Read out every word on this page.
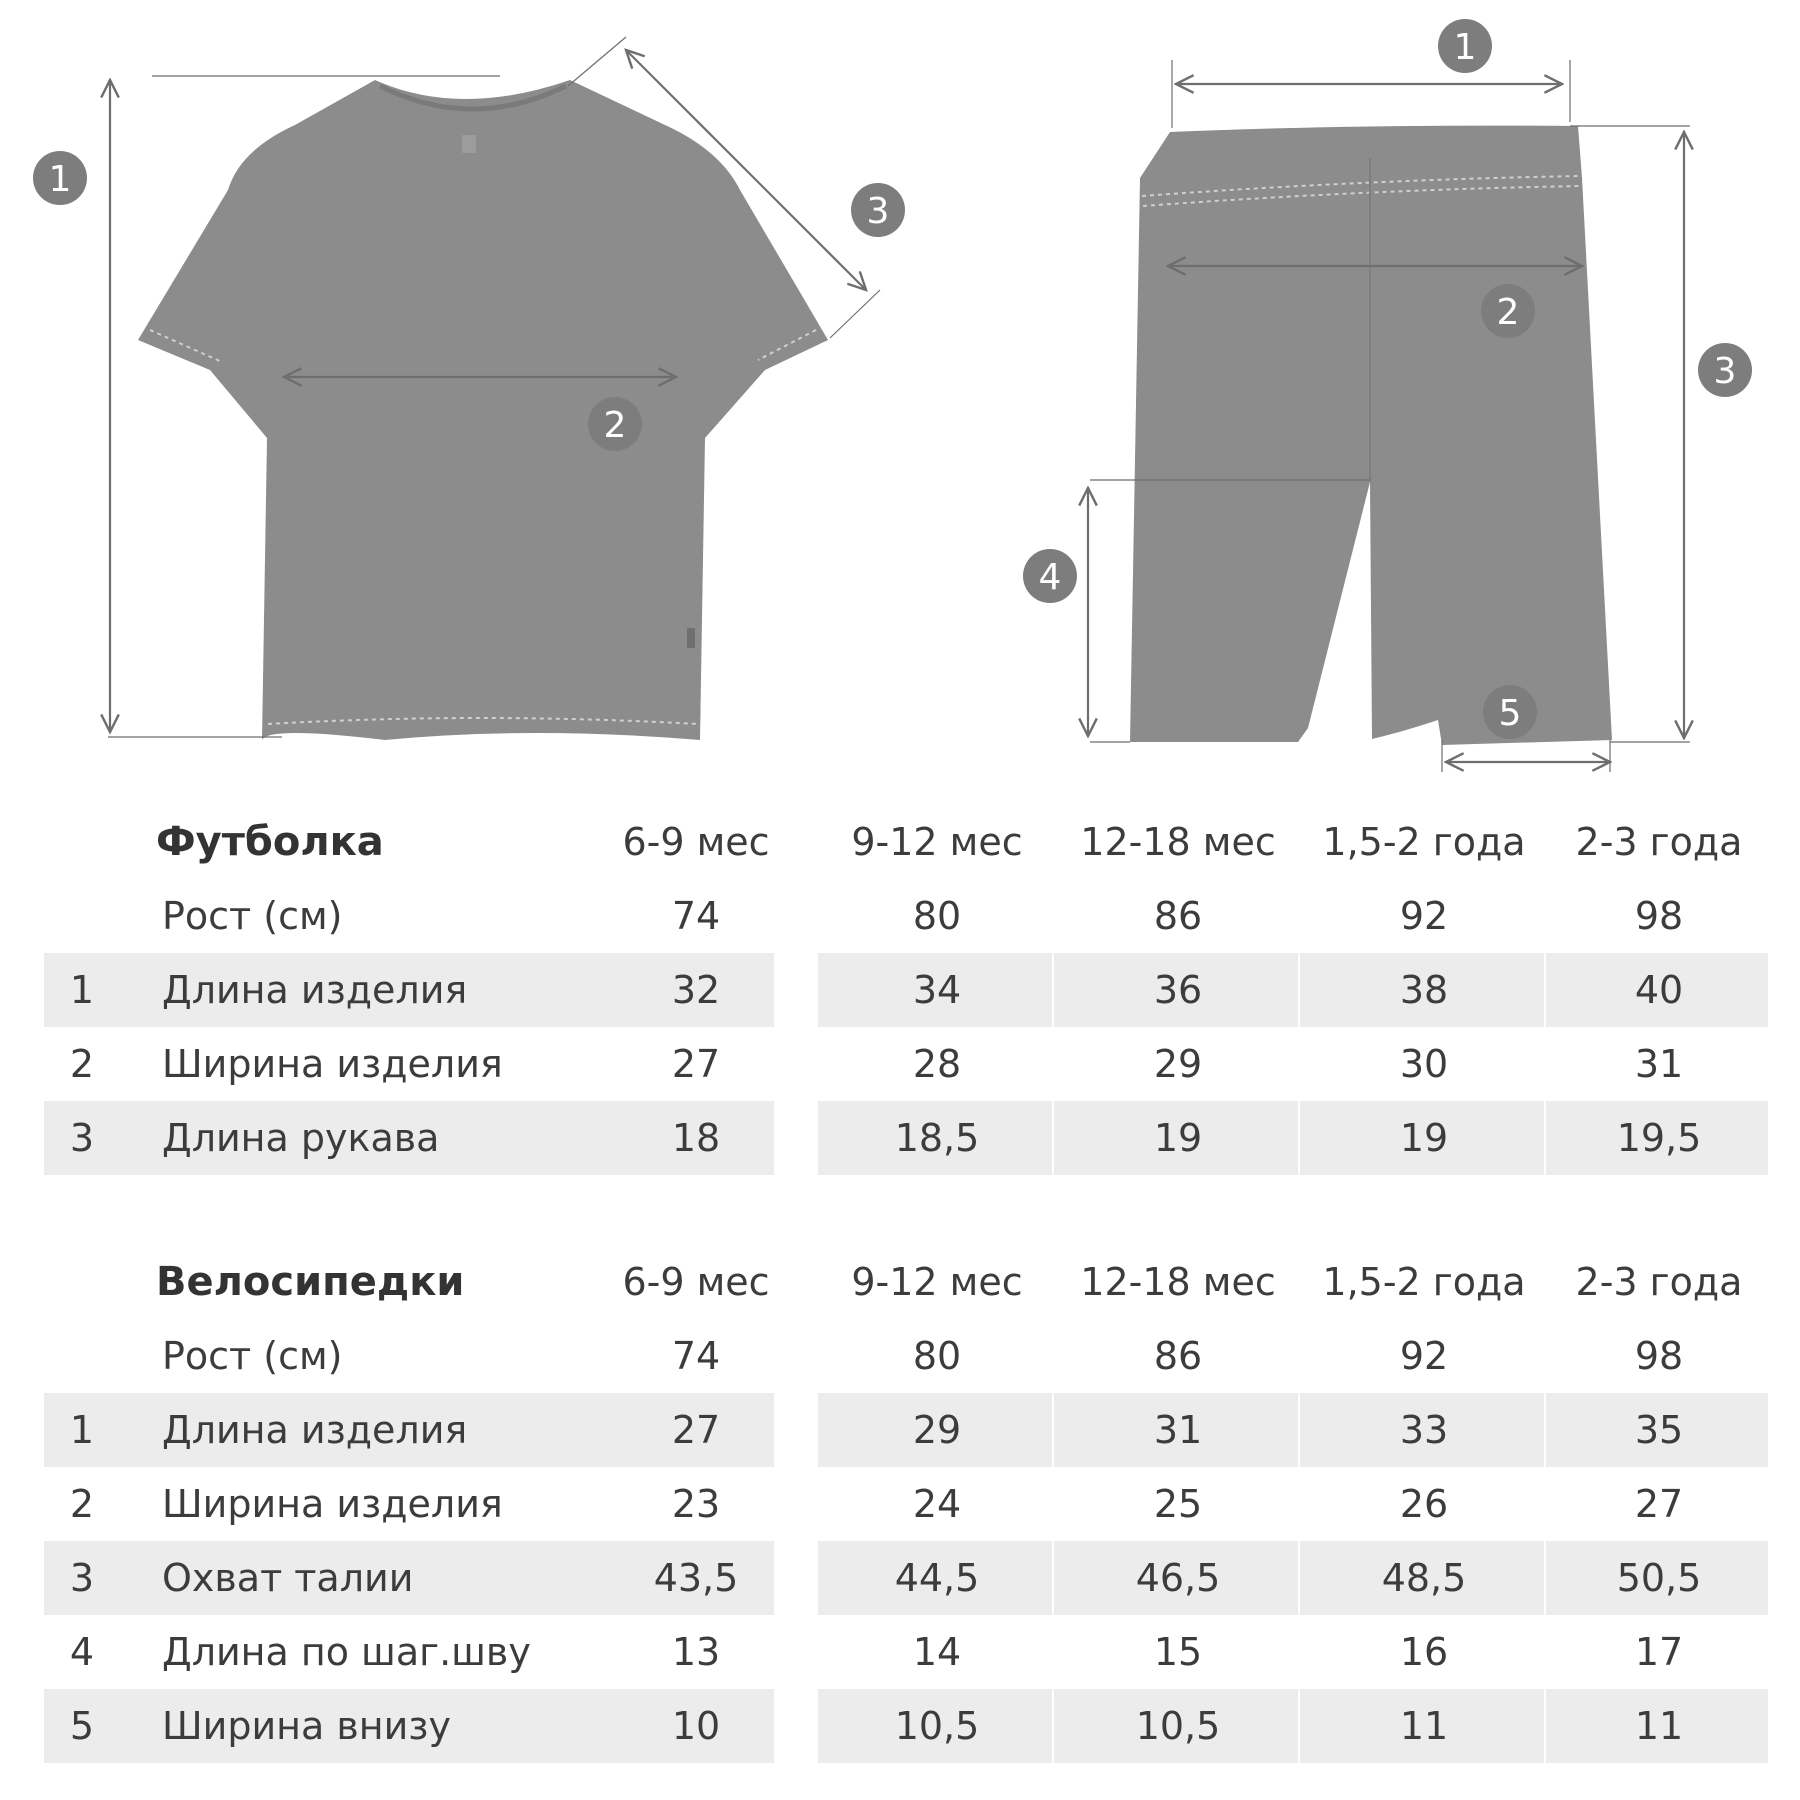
1
2
3
1
2
3
4
5
Футболка	6-9 мес	9-12 мес	12-18 мес	1,5-2 года	2-3 года
Рост (см)	74	80	86	92	98
1 Длина изделия	32	34	36	38	40
2 Ширина изделия	27	28	29	30	31
3 Длина рукава	18	18,5	19	19	19,5
Велосипедки	6-9 мес	9-12 мес	12-18 мес	1,5-2 года	2-3 года
Рост (см)	74	80	86	92	98
1 Длина изделия	27	29	31	33	35
2 Ширина изделия	23	24	25	26	27
3 Охват талии	43,5	44,5	46,5	48,5	50,5
4 Длина по шаг.шву	13	14	15	16	17
5 Ширина внизу	10	10,5	10,5	11	11
